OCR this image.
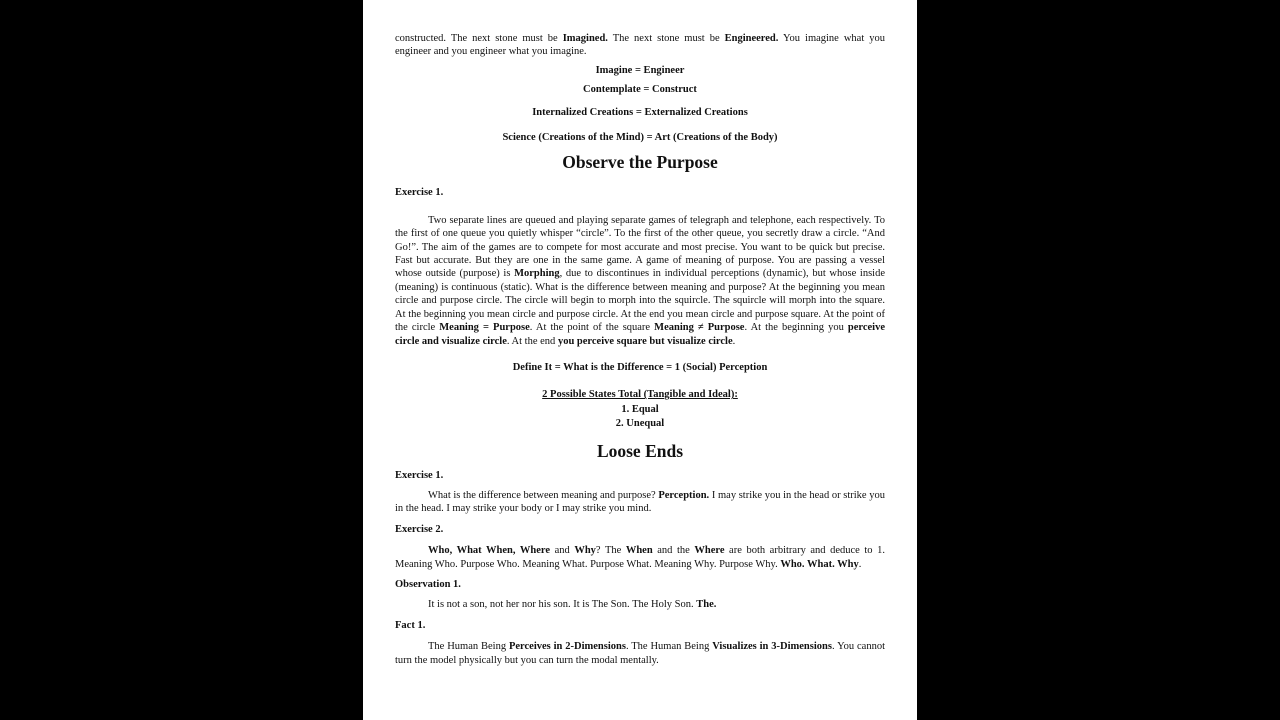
constructed. The next stone must be Imagined. The next stone must be Engineered. You imagine what you engineer and you engineer what you imagine.

Imagine = Engineer

Contemplate = Construct

Internalized Creations = Externalized Creations

Science (Creations of the Mind) = Art (Creations of the Body)

Observe the Purpose

Exercise 1.

Two separate lines are queued and playing separate games of telegraph and telephone, each respectively. To the first of one queue you quietly whisper “circle”. To the first of the other queue, you secretly draw a circle. “And Go!”. The aim of the games are to compete for most accurate and most precise. You want to be quick but precise. Fast but accurate. But they are one in the same game. A game of meaning of purpose. You are passing a vessel whose outside (purpose) is Morphing, due to discontinues in individual perceptions (dynamic), but whose inside (meaning) is continuous (static). What is the difference between meaning and purpose? At the beginning you mean circle and purpose circle. The circle will begin to morph into the squircle. The squircle will morph into the square. At the beginning you mean circle and purpose circle. At the end you mean circle and purpose square. At the point of the circle Meaning = Purpose. At the point of the square Meaning ≠ Purpose. At the beginning you perceive circle and visualize circle. At the end you perceive square but visualize circle.

Define It = What is the Difference = 1 (Social) Perception

2 Possible States Total (Tangible and Ideal):

1. Equal

2. Unequal

Loose Ends

Exercise 1.

What is the difference between meaning and purpose? Perception. I may strike you in the head or strike you in the head. I may strike your body or I may strike you mind.

Exercise 2.

Who, What When, Where and Why? The When and the Where are both arbitrary and deduce to 1. Meaning Who. Purpose Who. Meaning What. Purpose What. Meaning Why. Purpose Why. Who. What. Why.

Observation 1.

It is not a son, not her nor his son. It is The Son. The Holy Son. The.

Fact 1.

The Human Being Perceives in 2-Dimensions. The Human Being Visualizes in 3-Dimensions. You cannot turn the model physically but you can turn the modal mentally.
